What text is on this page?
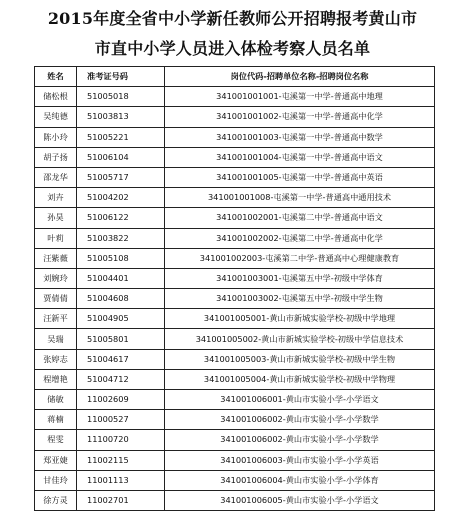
2015年度全省中小学新任教师公开招聘报考黄山市
市直中小学人员进入体检考察人员名单
姓名	准考证号码	岗位代码-招聘单位名称-招聘岗位名称
储松根	51005018	341001001001-屯溪第一中学-普通高中地理
吴纯德	51003813	341001001002-屯溪第一中学-普通高中化学
陈小玲	51005221	341001001003-屯溪第一中学-普通高中数学
胡子扬	51006104	341001001004-屯溪第一中学-普通高中语文
邵龙华	51005717	341001001005-屯溪第一中学-普通高中英语
刘卉	51004202	341001001008-屯溪第一中学-普通高中通用技术
孙昊	51006122	341001002001-屯溪第二中学-普通高中语文
叶莉	51003822	341001002002-屯溪第二中学-普通高中化学
汪紫薇	51005108	341001002003-屯溪第二中学-普通高中心理健康教育
刘婉玲	51004401	341001003001-屯溪第五中学-初级中学体育
贾倩倩	51004608	341001003002-屯溪第五中学-初级中学生物
汪新平	51004905	341001005001-黄山市新城实验学校-初级中学地理
吴瑞	51005801	341001005002-黄山市新城实验学校-初级中学信息技术
张婷志	51004617	341001005003-黄山市新城实验学校-初级中学生物
程增艳	51004712	341001005004-黄山市新城实验学校-初级中学物理
储敏	11002609	341001006001-黄山市实验小学-小学语文
蒋楠	11000527	341001006002-黄山市实验小学-小学数学
程雯	11100720	341001006002-黄山市实验小学-小学数学
郑亚婕	11002115	341001006003-黄山市实验小学-小学英语
甘佳玲	11001113	341001006004-黄山市实验小学-小学体育
徐方灵	11002701	341001006005-黄山市实验小学-小学语文
